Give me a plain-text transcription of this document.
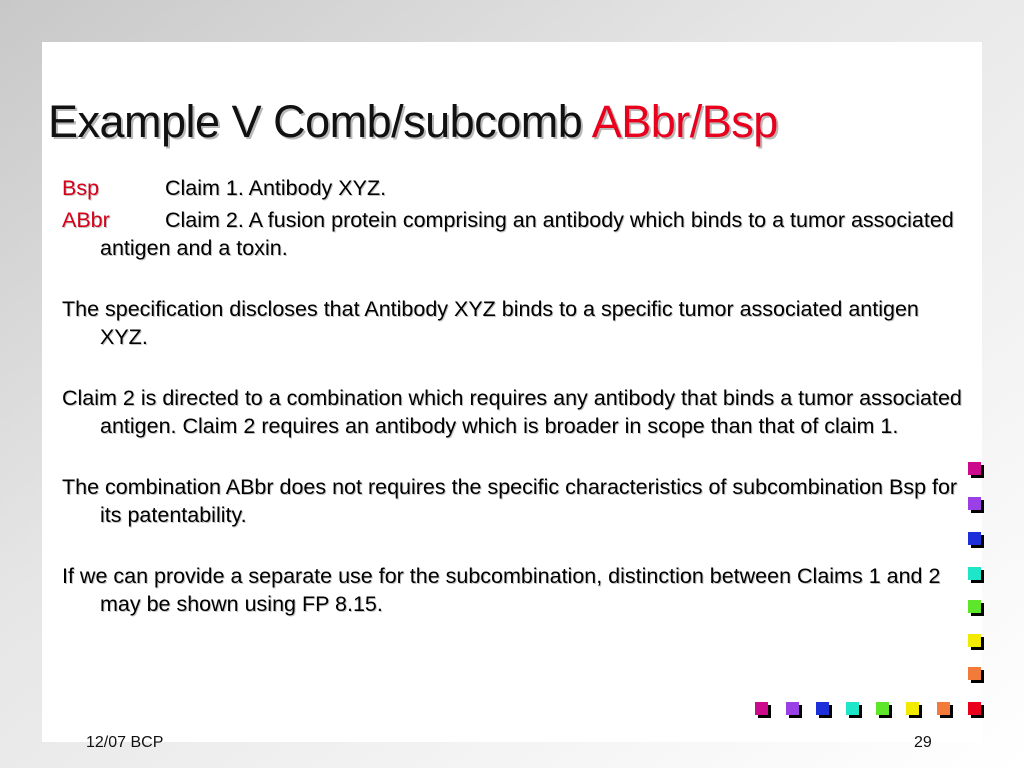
Example V Comb/subcomb ABbr/Bsp

Bsp	Claim 1. Antibody XYZ.

ABbr	Claim 2. A fusion protein comprising an antibody which binds to a tumor associated antigen and a toxin.

The specification discloses that Antibody XYZ binds to a specific tumor associated antigen XYZ.

Claim 2 is directed to a combination which requires any antibody that binds a tumor associated antigen. Claim 2 requires an antibody which is broader in scope than that of claim 1.

The combination ABbr does not requires the specific characteristics of subcombination Bsp for its patentability.

If we can provide a separate use for the subcombination, distinction between Claims 1 and 2 may be shown using FP 8.15.

12/07 BCP	29
